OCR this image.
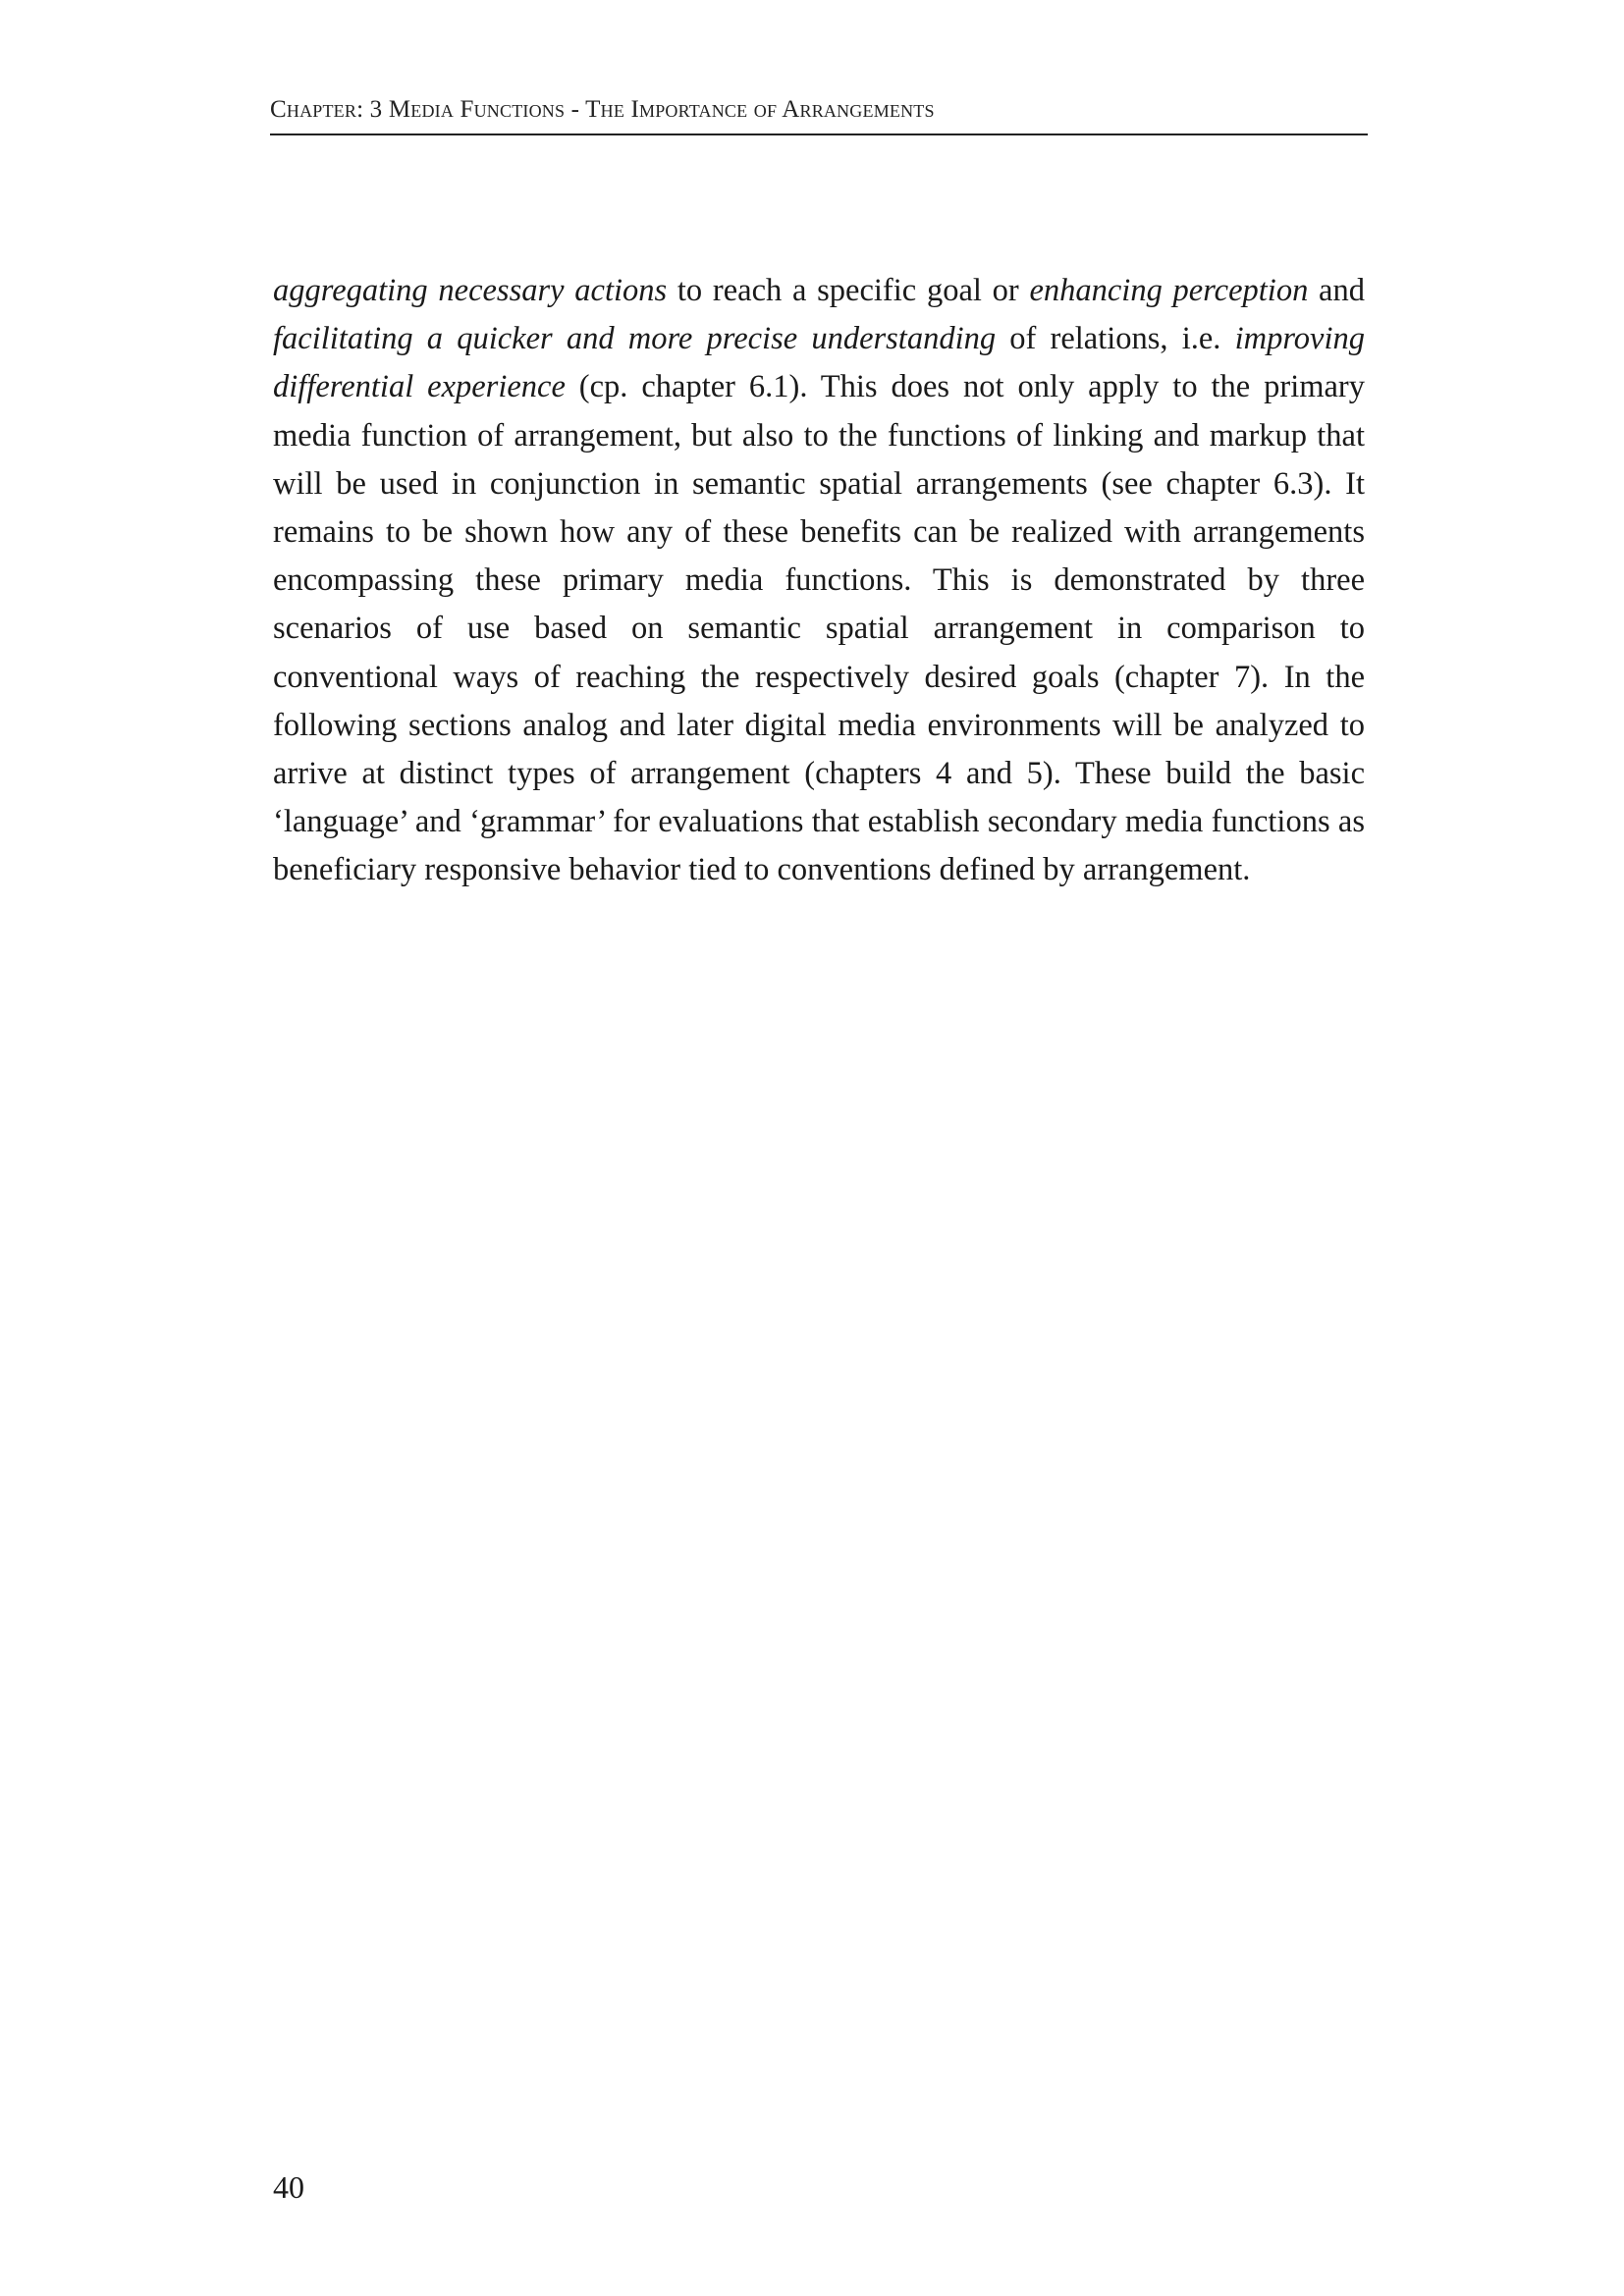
Chapter: 3 Media Functions - The Importance of Arrangements

aggregating necessary actions to reach a specific goal or enhancing perception and facilitating a quicker and more precise understanding of relations, i.e. improving differential experience (cp. chapter 6.1). This does not only apply to the primary media function of arrangement, but also to the functions of linking and markup that will be used in conjunction in semantic spatial arrangements (see chapter 6.3). It remains to be shown how any of these benefits can be realized with arrangements encompassing these primary media functions. This is demonstrated by three scenarios of use based on semantic spatial arrangement in comparison to conventional ways of reaching the respectively desired goals (chapter 7). In the following sections analog and later digital media environments will be analyzed to arrive at distinct types of arrangement (chapters 4 and 5). These build the basic ‘language’ and ‘grammar’ for evaluations that establish secondary media functions as beneficiary responsive behavior tied to conventions defined by arrangement.

40
